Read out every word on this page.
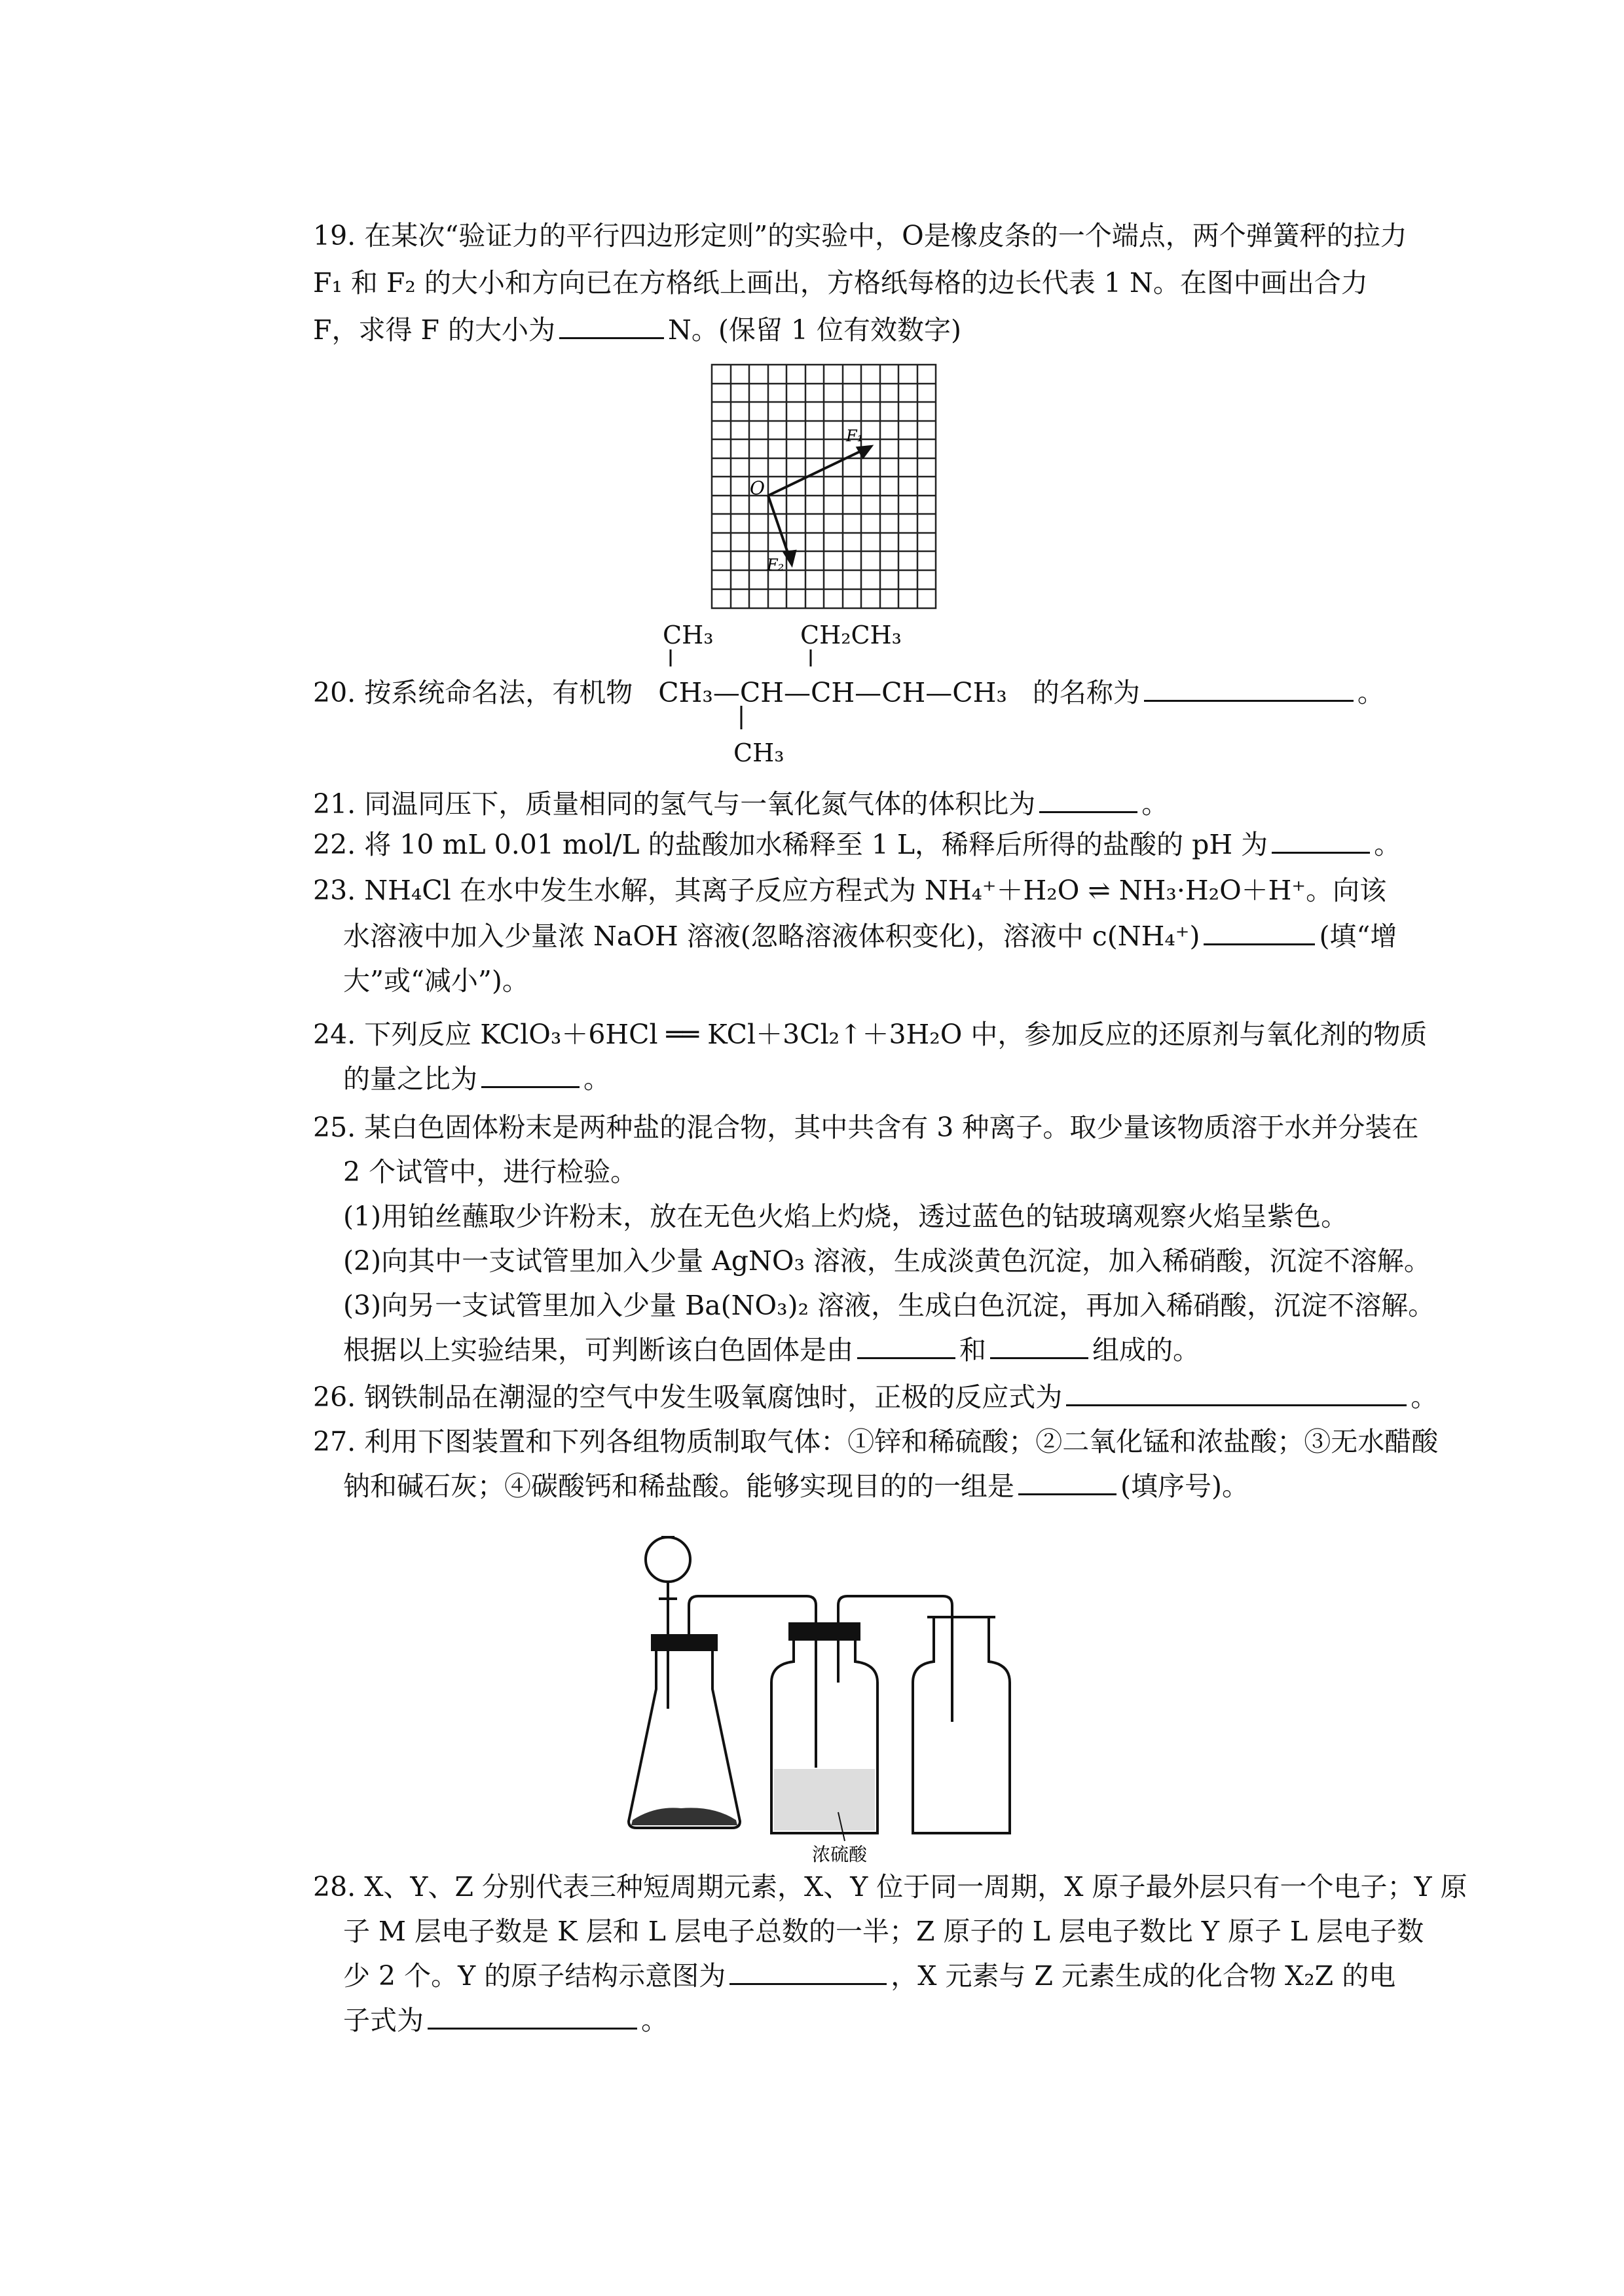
19. 在某次“验证力的平行四边形定则”的实验中，O是橡皮条的一个端点，两个弹簧秤的拉力
F₁ 和 F₂ 的大小和方向已在方格纸上画出，方格纸每格的边长代表 1 N。在图中画出合力
F，求得 F 的大小为	N。(保留 1 位有效数字)
O
F₁
F₂
CH₃	CH₂CH₃
20. 按系统命名法，有机物 CH₃—CH—CH—CH—CH₃ 的名称为	。
CH₃
21. 同温同压下，质量相同的氢气与一氧化氮气体的体积比为	。
22. 将 10 mL 0.01 mol/L 的盐酸加水稀释至 1 L，稀释后所得的盐酸的 pH 为	。
23. NH₄Cl 在水中发生水解，其离子反应方程式为 NH₄⁺＋H₂O ⇌ NH₃·H₂O＋H⁺。向该
水溶液中加入少量浓 NaOH 溶液(忽略溶液体积变化)，溶液中 c(NH₄⁺)	(填“增
大”或“减小”)。
24. 下列反应 KClO₃＋6HCl ══ KCl＋3Cl₂↑＋3H₂O 中，参加反应的还原剂与氧化剂的物质
的量之比为	。
25. 某白色固体粉末是两种盐的混合物，其中共含有 3 种离子。取少量该物质溶于水并分装在
2 个试管中，进行检验。
(1)用铂丝蘸取少许粉末，放在无色火焰上灼烧，透过蓝色的钴玻璃观察火焰呈紫色。
(2)向其中一支试管里加入少量 AgNO₃ 溶液，生成淡黄色沉淀，加入稀硝酸，沉淀不溶解。
(3)向另一支试管里加入少量 Ba(NO₃)₂ 溶液，生成白色沉淀，再加入稀硝酸，沉淀不溶解。
根据以上实验结果，可判断该白色固体是由	和	组成的。
26. 钢铁制品在潮湿的空气中发生吸氧腐蚀时，正极的反应式为	。
27. 利用下图装置和下列各组物质制取气体：①锌和稀硫酸；②二氧化锰和浓盐酸；③无水醋酸
钠和碱石灰；④碳酸钙和稀盐酸。能够实现目的的一组是	(填序号)。
浓硫酸
28. X、Y、Z 分别代表三种短周期元素，X、Y 位于同一周期，X 原子最外层只有一个电子；Y 原
子 M 层电子数是 K 层和 L 层电子总数的一半；Z 原子的 L 层电子数比 Y 原子 L 层电子数
少 2 个。Y 的原子结构示意图为	，X 元素与 Z 元素生成的化合物 X₂Z 的电
子式为	。
